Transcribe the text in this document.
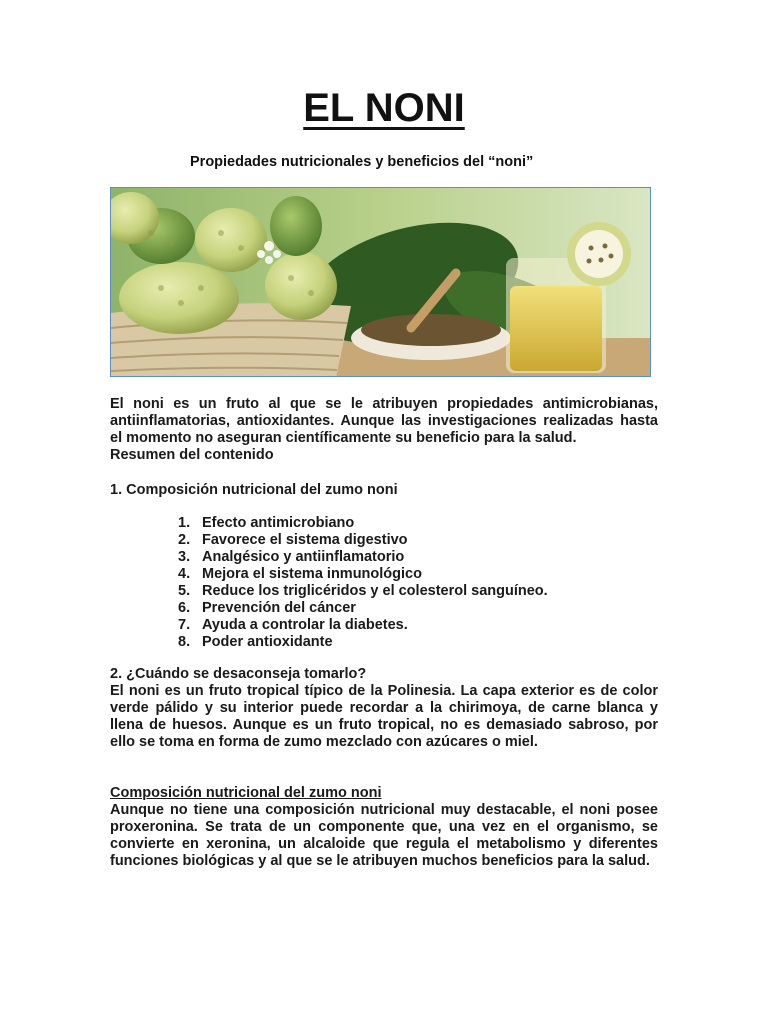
EL NONI
Propiedades nutricionales y beneficios del “noni”
El noni es un fruto al que se le atribuyen propiedades antimicrobianas, antiinflamatorias, antioxidantes. Aunque las investigaciones realizadas hasta el momento no aseguran científicamente su beneficio para la salud.
Resumen del contenido
1. Composición nutricional del zumo noni
1. Efecto antimicrobiano
2. Favorece el sistema digestivo
3. Analgésico y antiinflamatorio
4. Mejora el sistema inmunológico
5. Reduce los triglicéridos y el colesterol sanguíneo.
6. Prevención del cáncer
7. Ayuda a controlar la diabetes.
8. Poder antioxidante
2. ¿Cuándo se desaconseja tomarlo?
El noni es un fruto tropical típico de la Polinesia. La capa exterior es de color verde pálido y su interior puede recordar a la chirimoya, de carne blanca y llena de huesos. Aunque es un fruto tropical, no es demasiado sabroso, por ello se toma en forma de zumo mezclado con azúcares o miel.
Composición nutricional del zumo noni
Aunque no tiene una composición nutricional muy destacable, el noni posee proxeronina. Se trata de un componente que, una vez en el organismo, se convierte en xeronina, un alcaloide que regula el metabolismo y diferentes funciones biológicas y al que se le atribuyen muchos beneficios para la salud.
